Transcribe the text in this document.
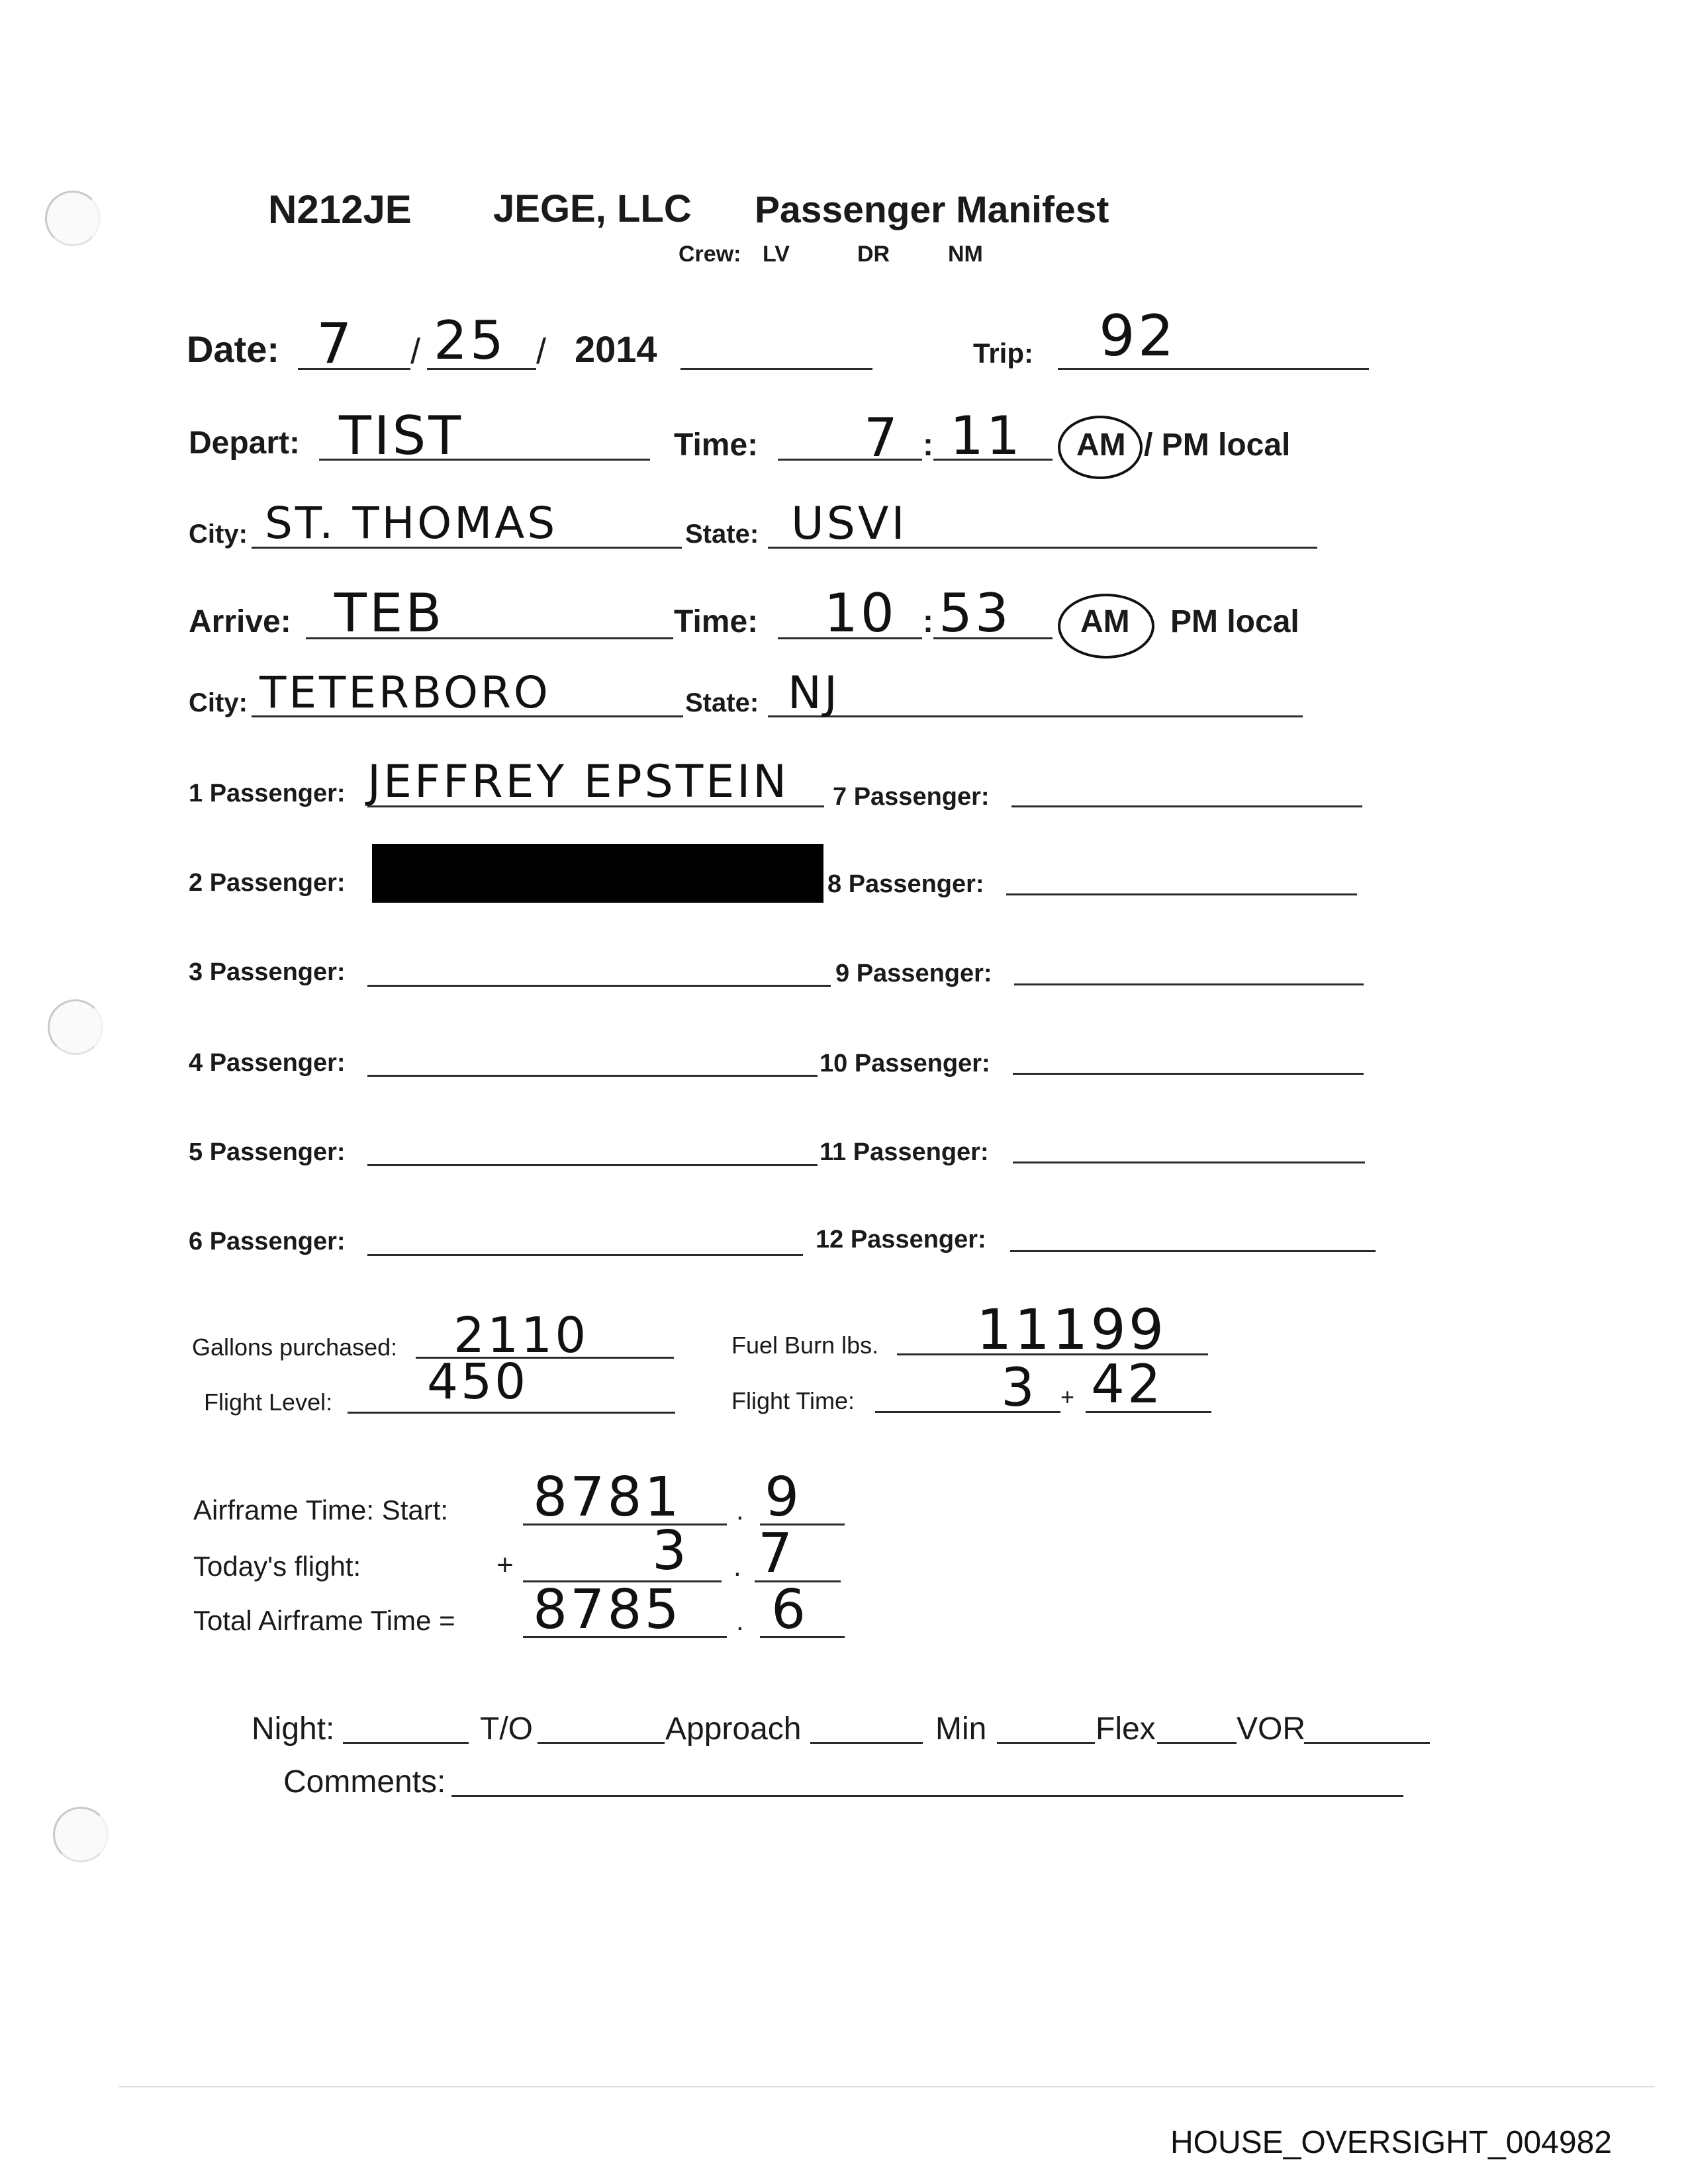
N212JE JEGE, LLC Passenger Manifest
Crew: LV	DR	NM
Date: 7 / 25 / 2014	Trip: 92
Depart: TIST	Time: 7 : 11 AM / PM local
City: ST. THOMAS	State: USVI
Arrive: TEB	Time: 10 : 53 AM PM local
City: TETERBORO	State: NJ
1 Passenger: JEFFREY EPSTEIN
2 Passenger:
3 Passenger:
4 Passenger:
5 Passenger:
6 Passenger:
7 Passenger:
8 Passenger:
9 Passenger:
10 Passenger:
11 Passenger:
12 Passenger:
Gallons purchased: 2110
Flight Level: 450
Fuel Burn lbs. 11199
Flight Time:	3 + 42
Airframe Time: Start: 8781 . 9
Today's flight:	+	3 . 7
Total Airframe Time = 8785 . 6
Night:	T/O	Approach	Min	Flex	VOR
Comments:
HOUSE_OVERSIGHT_004982
